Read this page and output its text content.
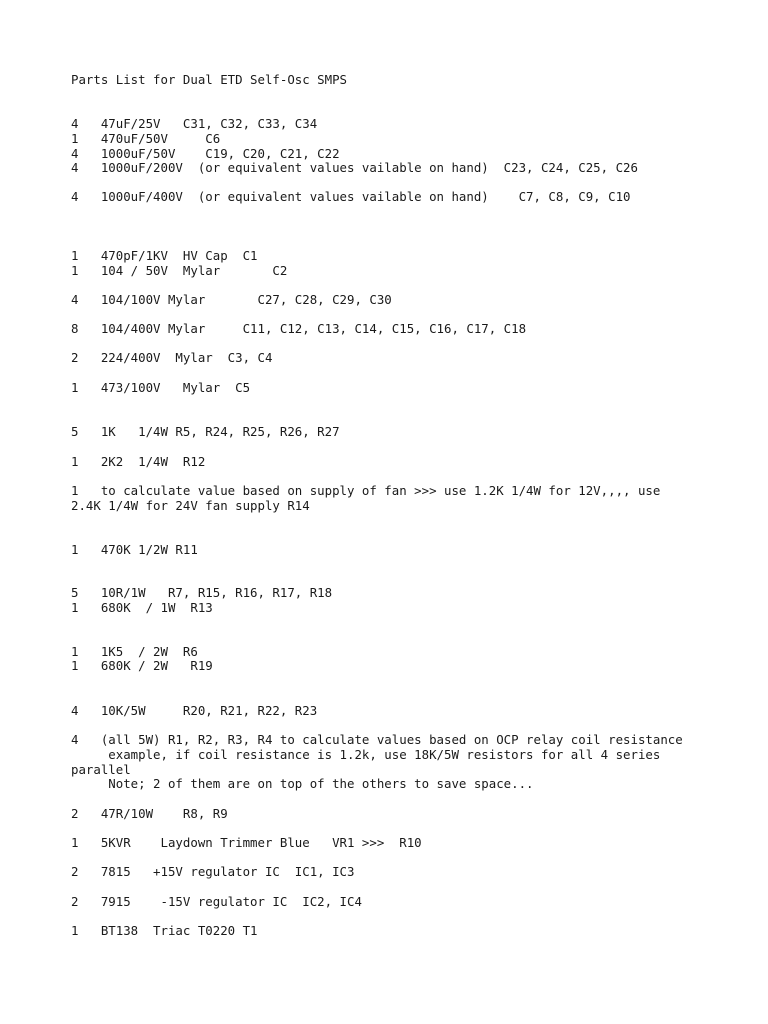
Parts List for Dual ETD Self-Osc SMPS
4   47uF/25V   C31, C32, C33, C34
1   470uF/50V     C6
4   1000uF/50V    C19, C20, C21, C22
4   1000uF/200V  (or equivalent values vailable on hand)  C23, C24, C25, C26
4   1000uF/400V  (or equivalent values vailable on hand)    C7, C8, C9, C10
1   470pF/1KV  HV Cap  C1
1   104 / 50V  Mylar       C2
4   104/100V Mylar       C27, C28, C29, C30
8   104/400V Mylar     C11, C12, C13, C14, C15, C16, C17, C18
2   224/400V  Mylar  C3, C4
1   473/100V   Mylar  C5
5   1K   1/4W R5, R24, R25, R26, R27
1   2K2  1/4W  R12
1   to calculate value based on supply of fan >>> use 1.2K 1/4W for 12V,,,, use
2.4K 1/4W for 24V fan supply R14
1   470K 1/2W R11
5   10R/1W   R7, R15, R16, R17, R18
1   680K  / 1W  R13
1   1K5  / 2W  R6
1   680K / 2W   R19
4   10K/5W     R20, R21, R22, R23
4   (all 5W) R1, R2, R3, R4 to calculate values based on OCP relay coil resistance
example, if coil resistance is 1.2k, use 18K/5W resistors for all 4 series
parallel
Note; 2 of them are on top of the others to save space...
2   47R/10W    R8, R9
1   5KVR    Laydown Trimmer Blue   VR1 >>>  R10
2   7815   +15V regulator IC  IC1, IC3
2   7915    -15V regulator IC  IC2, IC4
1   BT138  Triac T0220 T1
